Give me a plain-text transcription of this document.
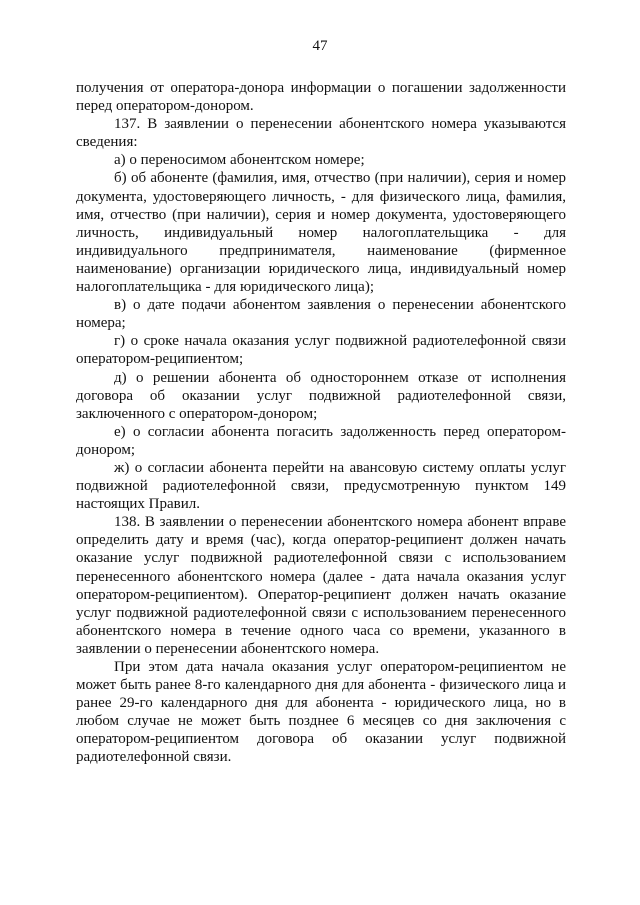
47

получения от оператора-донора информации о погашении задолженности перед оператором-донором.

137. В заявлении о перенесении абонентского номера указываются сведения:

а) о переносимом абонентском номере;

б) об абоненте (фамилия, имя, отчество (при наличии), серия и номер документа, удостоверяющего личность, - для физического лица, фамилия, имя, отчество (при наличии), серия и номер документа, удостоверяющего личность, индивидуальный номер налогоплательщика - для индивидуального предпринимателя, наименование (фирменное наименование) организации юридического лица, индивидуальный номер налогоплательщика - для юридического лица);

в) о дате подачи абонентом заявления о перенесении абонентского номера;

г) о сроке начала оказания услуг подвижной радиотелефонной связи оператором-реципиентом;

д) о решении абонента об одностороннем отказе от исполнения договора об оказании услуг подвижной радиотелефонной связи, заключенного с оператором-донором;

е) о согласии абонента погасить задолженность перед оператором-донором;

ж) о согласии абонента перейти на авансовую систему оплаты услуг подвижной радиотелефонной связи, предусмотренную пунктом 149 настоящих Правил.

138. В заявлении о перенесении абонентского номера абонент вправе определить дату и время (час), когда оператор-реципиент должен начать оказание услуг подвижной радиотелефонной связи с использованием перенесенного абонентского номера (далее - дата начала оказания услуг оператором-реципиентом). Оператор-реципиент должен начать оказание услуг подвижной радиотелефонной связи с использованием перенесенного абонентского номера в течение одного часа со времени, указанного в заявлении о перенесении абонентского номера.

При этом дата начала оказания услуг оператором-реципиентом не может быть ранее 8-го календарного дня для абонента - физического лица и ранее 29-го календарного дня для абонента - юридического лица, но в любом случае не может быть позднее 6 месяцев со дня заключения с оператором-реципиентом договора об оказании услуг подвижной радиотелефонной связи.
